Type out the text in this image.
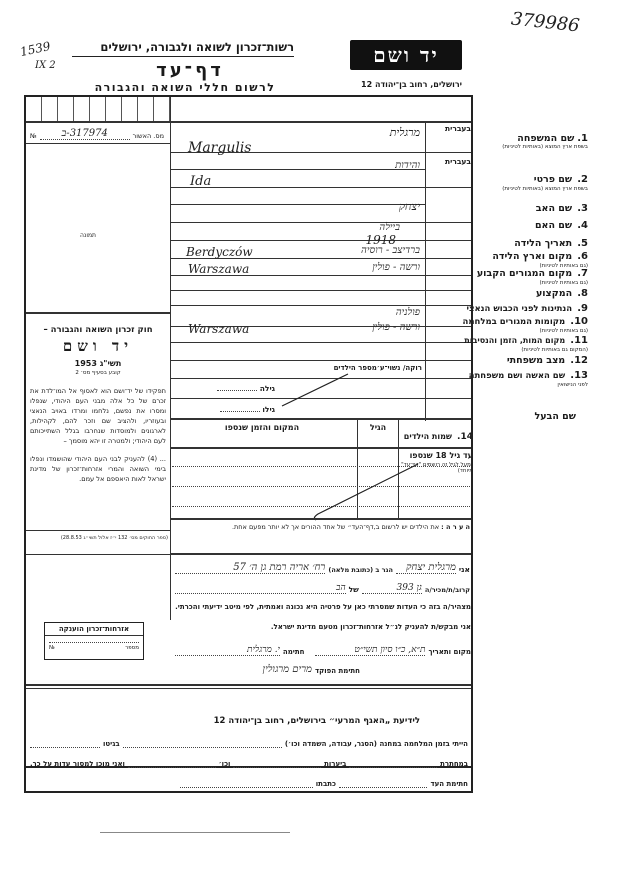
379986
1539
IX 2
רשות־זכרון לשואה ולגבורה, ירושלים
דף־עד
לרשום חללי השואה והגבורה
יד ושם
ירושלים, רחוב בן־יהודה 12
מס. האשור
317974-ב
№
תמונה
חוק זכרון השואה והגבורה –
יד ושם
תשי"ג 1953
קובע בסעיף מס׳ 2
תפקידו של יד־ושם הוא לאסוף אל המו־לדת את זכרם של כל אלה מבני העם היהודי, שנפלו ומסרו את נפשם, נלחמו ומרדו באויב הנאצי ובעוזריו, ולהציב שם וזכר להם, לקהילות, לארגונים ולמוסדות שנחרבו בגלל השתייכותם לעם היהודי; ולמטרה זו יהא מוסמך –
... (4) להעניק לבני העם היהודי שהושמדו ונפלו בימי השואה והמרי אזרחות־זכרון של מדינת ישראל לאות היאספם אל עמם.
(ספר החוקים מס׳ 132 י״ז אלול תשי״ג 28.8.53)
בעברית
1. שם המשפחה
בשפת ארץ המוצא (באותיות לטיניות)
בעברית
2. שם פרטי
בשפת ארץ המוצא (באותיות לטיניות)
3. שם האב
4. שם האם
5. תאריך הלידה
6. מקום וארץ הלידה
(גם באותיות לטיניות)
7. מקום המגורים הקבוע
(גם באותיות לטיניות)
8. המקצוע
9. הנתינות לפני הכבוש הנאצי
10. מקומות המגורים במלחמה
(גם באותיות לטיניות)
11. מקום המות, הזמן והנסיבות
(המקום גם באותיות לטיניות)
12. מצב משפחתי
13. שם האשה ושם משפחתה
לפני הנישואין
שם הבעל
מרגלית
Margulis
והידות
Ida
יצחק
ביילה
1918
ברדיצב - רוסיה
Berdyczów
ורשה - פולין
Warszawa
פולניה
ורשה - פולין
Warszawa
רוקה/ נשוי־ע׳מספר הילדים
גילה
גילו
14. שמות הילדים עד גיל 18 שנספו
(מעל לגיל זה רושמים "דף־עד" מיוחד)
הגיל
המקום והזמן שנספו
ה ע ר ה : את הילדים יש לרשום ב,דף־העד״ של אחד ההורים אך לא יותר מפעם אחת.
אני
מרגלית יצחק
הגר ב (כתובת מלאה)
רח׳ אריה רמת גן ה׳ 57
קרוב/ת/מכיר/ה
גן 393
של
הב
מצהיר/ה בזה כי העדות שמסרתי כאן על פרטיה היא נכונה ואמתית, לפי מיטב ידיעתי והכרתי.
אני מבקש/ת להעניק לנ״ל אזרחות־זכרון מטעם מדינת ישראל.
מקום ותאריך
ת״א, כ״ו סיון תשי״ט
חתימה
י. מרגלית
חתימת הפוקד
מרים מרגולין
אזרחות־זכרון הוענקה
מספר
№
לידיעת „האגף המרעי״ בירושלים, רחוב בן־יהודה 12
הייתי בזמן המלחמה במחנה (הסגר, עבודה, השמדה וכו׳)
בגיטו
במחתרת
ביערות
וכו׳
ואני מוכן למסור עדות על כך.
חתימת העד
כתבתו
